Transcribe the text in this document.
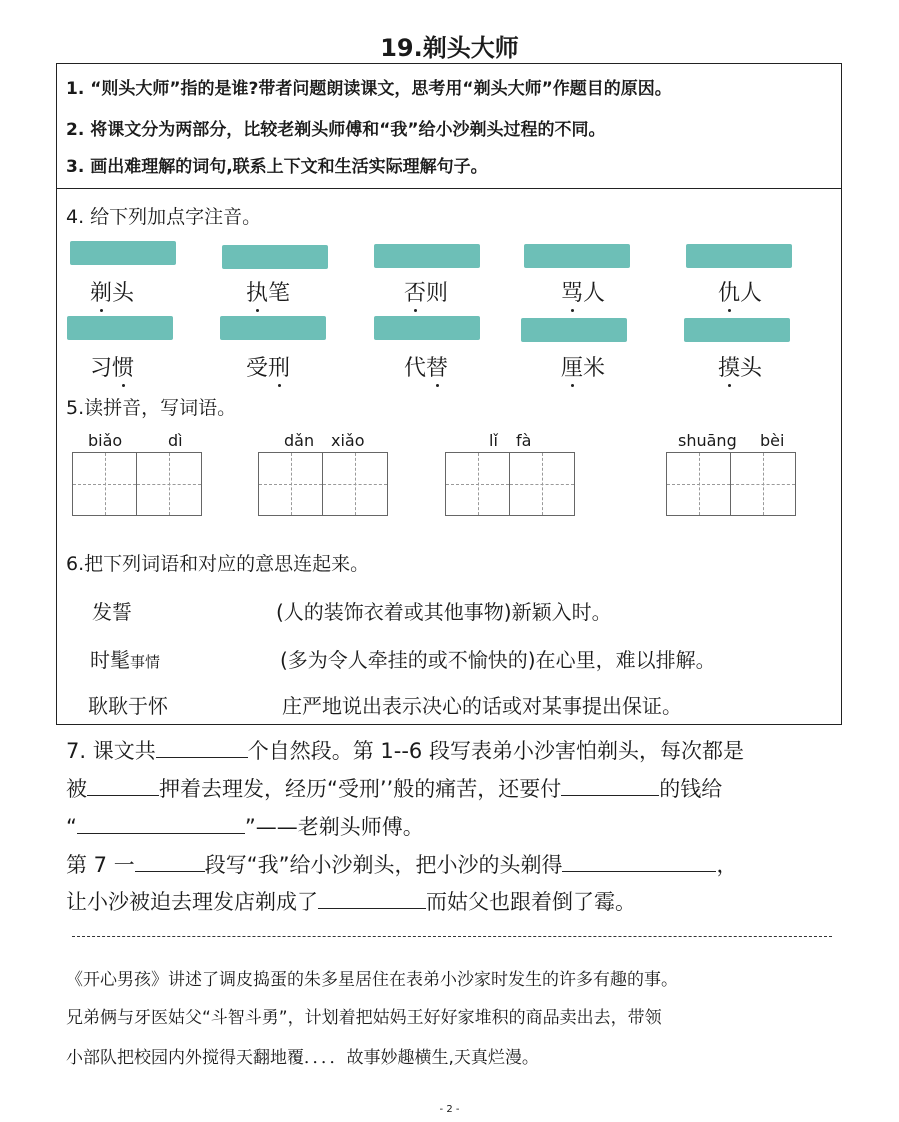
19.剃头大师
1. “则头大师”指的是谁?带者问题朗读课文，思考用“剃头大师”作题目的原因。
2. 将课文分为两部分，比较老剃头师傅和“我”给小沙剃头过程的不同。
3. 画出难理解的词句,联系上下文和生活实际理解句子。
4. 给下列加点字注音。
剃头	执笔	否则	骂人	仇人
习惯	受刑	代替	厘米	摸头
5.读拼音，写词语。
biǎo	dì	dǎn xiǎo	lǐ fà	shuāng bèi
6.把下列词语和对应的意思连起来。
发誓
时髦事情
耿耿于怀
(人的装饰衣着或其他事物)新颖入时。
(多为令人牵挂的或不愉快的)在心里，难以排解。
庄严地说出表示决心的话或对某事提出保证。
7. 课文共	个自然段。第 1--6 段写表弟小沙害怕剃头，每次都是
被	押着去理发，经历“受刑’’般的痛苦，还要付	的钱给
“	”——老剃头师傅。
第 7 一	段写“我”给小沙剃头，把小沙的头剃得	，
让小沙被迫去理发店剃成了	而姑父也跟着倒了霉。
《开心男孩》讲述了调皮捣蛋的朱多星居住在表弟小沙家时发生的许多有趣的事。
兄弟俩与牙医姑父“斗智斗勇”，计划着把姑妈王好好家堆积的商品卖出去，带领
小部队把校园内外搅得天翻地覆．．．．故事妙趣横生,天真烂漫。
- 2 -
